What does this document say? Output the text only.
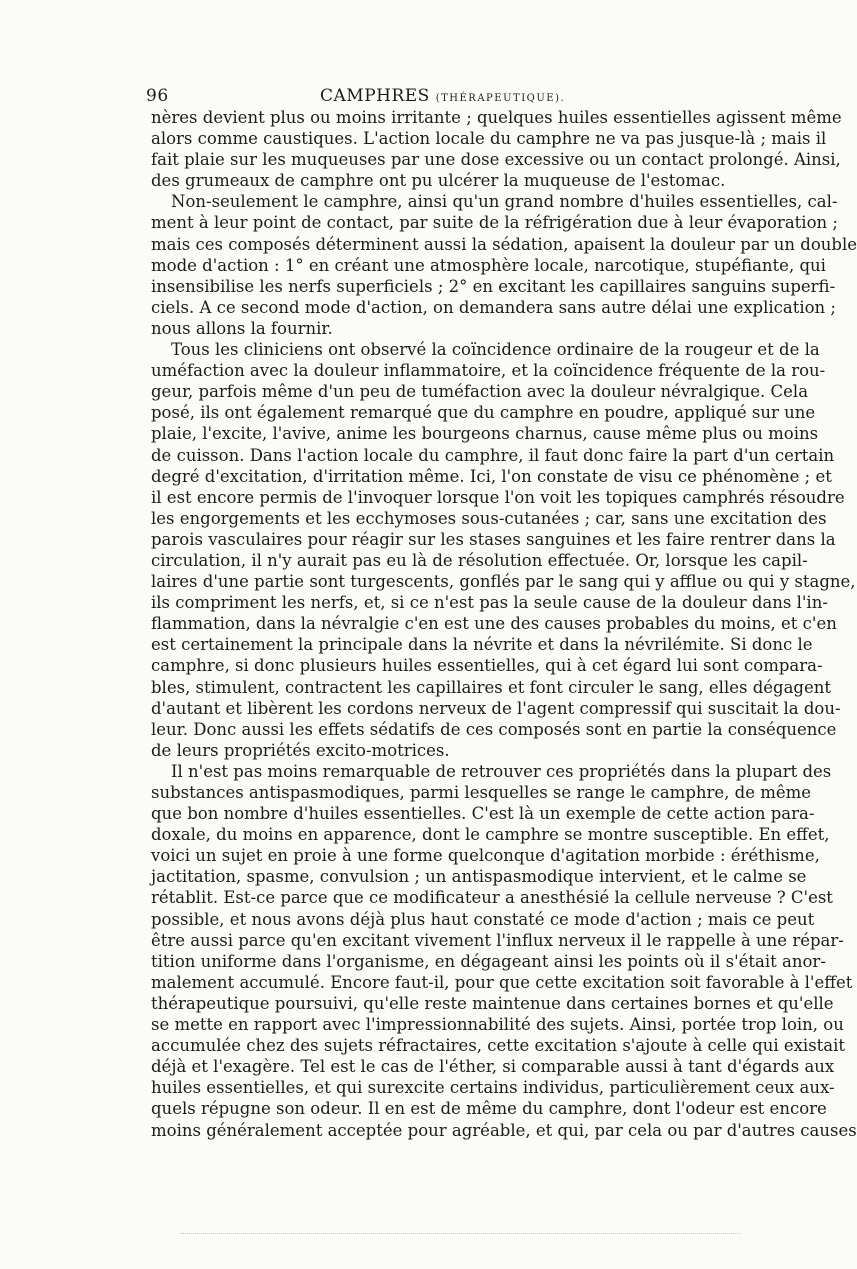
96	CAMPHRES (THÉRAPEUTIQUE).
nères devient plus ou moins irritante ; quelques huiles essentielles agissent même
alors comme caustiques. L'action locale du camphre ne va pas jusque-là ; mais il
fait plaie sur les muqueuses par une dose excessive ou un contact prolongé. Ainsi,
des grumeaux de camphre ont pu ulcérer la muqueuse de l'estomac.
Non-seulement le camphre, ainsi qu'un grand nombre d'huiles essentielles, cal-
ment à leur point de contact, par suite de la réfrigération due à leur évaporation ;
mais ces composés déterminent aussi la sédation, apaisent la douleur par un double
mode d'action : 1° en créant une atmosphère locale, narcotique, stupéfiante, qui
insensibilise les nerfs superficiels ; 2° en excitant les capillaires sanguins superfi-
ciels. A ce second mode d'action, on demandera sans autre délai une explication ;
nous allons la fournir.
Tous les cliniciens ont observé la coïncidence ordinaire de la rougeur et de la
uméfaction avec la douleur inflammatoire, et la coïncidence fréquente de la rou-
geur, parfois même d'un peu de tuméfaction avec la douleur névralgique. Cela
posé, ils ont également remarqué que du camphre en poudre, appliqué sur une
plaie, l'excite, l'avive, anime les bourgeons charnus, cause même plus ou moins
de cuisson. Dans l'action locale du camphre, il faut donc faire la part d'un certain
degré d'excitation, d'irritation même. Ici, l'on constate de visu ce phénomène ; et
il est encore permis de l'invoquer lorsque l'on voit les topiques camphrés résoudre
les engorgements et les ecchymoses sous-cutanées ; car, sans une excitation des
parois vasculaires pour réagir sur les stases sanguines et les faire rentrer dans la
circulation, il n'y aurait pas eu là de résolution effectuée. Or, lorsque les capil-
laires d'une partie sont turgescents, gonflés par le sang qui y afflue ou qui y stagne,
ils compriment les nerfs, et, si ce n'est pas la seule cause de la douleur dans l'in-
flammation, dans la névralgie c'en est une des causes probables du moins, et c'en
est certainement la principale dans la névrite et dans la névrilémite. Si donc le
camphre, si donc plusieurs huiles essentielles, qui à cet égard lui sont compara-
bles, stimulent, contractent les capillaires et font circuler le sang, elles dégagent
d'autant et libèrent les cordons nerveux de l'agent compressif qui suscitait la dou-
leur. Donc aussi les effets sédatifs de ces composés sont en partie la conséquence
de leurs propriétés excito-motrices.
Il n'est pas moins remarquable de retrouver ces propriétés dans la plupart des
substances antispasmodiques, parmi lesquelles se range le camphre, de même
que bon nombre d'huiles essentielles. C'est là un exemple de cette action para-
doxale, du moins en apparence, dont le camphre se montre susceptible. En effet,
voici un sujet en proie à une forme quelconque d'agitation morbide : éréthisme,
jactitation, spasme, convulsion ; un antispasmodique intervient, et le calme se
rétablit. Est-ce parce que ce modificateur a anesthésié la cellule nerveuse ? C'est
possible, et nous avons déjà plus haut constaté ce mode d'action ; mais ce peut
être aussi parce qu'en excitant vivement l'influx nerveux il le rappelle à une répar-
tition uniforme dans l'organisme, en dégageant ainsi les points où il s'était anor-
malement accumulé. Encore faut-il, pour que cette excitation soit favorable à l'effet
thérapeutique poursuivi, qu'elle reste maintenue dans certaines bornes et qu'elle
se mette en rapport avec l'impressionnabilité des sujets. Ainsi, portée trop loin, ou
accumulée chez des sujets réfractaires, cette excitation s'ajoute à celle qui existait
déjà et l'exagère. Tel est le cas de l'éther, si comparable aussi à tant d'égards aux
huiles essentielles, et qui surexcite certains individus, particulièrement ceux aux-
quels répugne son odeur. Il en est de même du camphre, dont l'odeur est encore
moins généralement acceptée pour agréable, et qui, par cela ou par d'autres causes
